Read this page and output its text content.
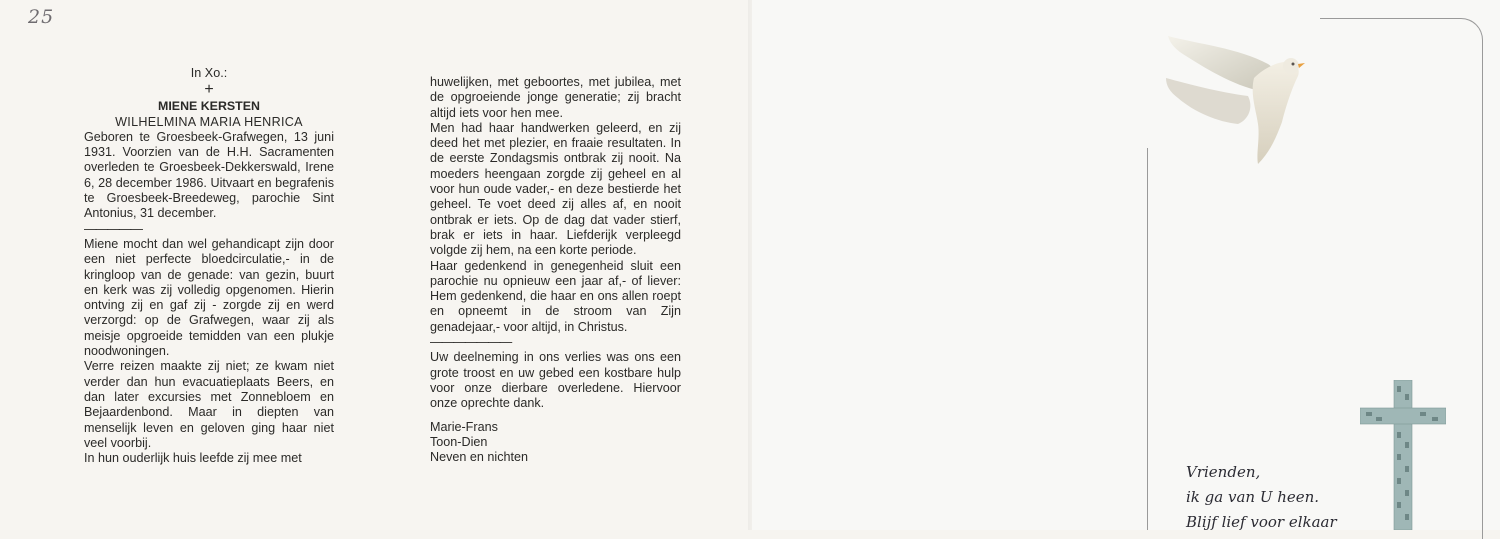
25

In Xo.:

+

MIENE KERSTEN

WILHELMINA MARIA HENRICA

Geboren te Groesbeek-Grafwegen, 13 juni 1931. Voorzien van de H.H. Sacramenten overleden te Groesbeek-Dekkerswald, Irene 6, 28 december 1986. Uitvaart en begrafenis te Groesbeek-Breedeweg, parochie Sint Antonius, 31 december.

—————

Miene mocht dan wel gehandicapt zijn door een niet perfecte bloedcirculatie,- in de kringloop van de genade: van gezin, buurt en kerk was zij volledig opgenomen. Hierin ontving zij en gaf zij - zorgde zij en werd verzorgd: op de Grafwegen, waar zij als meisje opgroeide temidden van een plukje noodwoningen.

Verre reizen maakte zij niet; ze kwam niet verder dan hun evacuatieplaats Beers, en dan later excursies met Zonnebloem en Bejaardenbond. Maar in diepten van menselijk leven en geloven ging haar niet veel voorbij.

In hun ouderlijk huis leefde zij mee met

huwelijken, met geboortes, met jubilea, met de opgroeiende jonge generatie; zij bracht altijd iets voor hen mee.

Men had haar handwerken geleerd, en zij deed het met plezier, en fraaie resultaten. In de eerste Zondagsmis ontbrak zij nooit. Na moeders heengaan zorgde zij geheel en al voor hun oude vader,- en deze bestierde het geheel. Te voet deed zij alles af, en nooit ontbrak er iets. Op de dag dat vader stierf, brak er iets in haar. Liefderijk verpleegd volgde zij hem, na een korte periode.

Haar gedenkend in genegenheid sluit een parochie nu opnieuw een jaar af,- of liever: Hem gedenkend, die haar en ons allen roept en opneemt in de stroom van Zijn genadejaar,- voor altijd, in Christus.

———————

Uw deelneming in ons verlies was ons een grote troost en uw gebed een kostbare hulp voor onze dierbare overledene. Hiervoor onze oprechte dank.

Marie-Frans

Toon-Dien

Neven en nichten

Vrienden,
ik ga van U heen.
Blijf lief voor elkaar
